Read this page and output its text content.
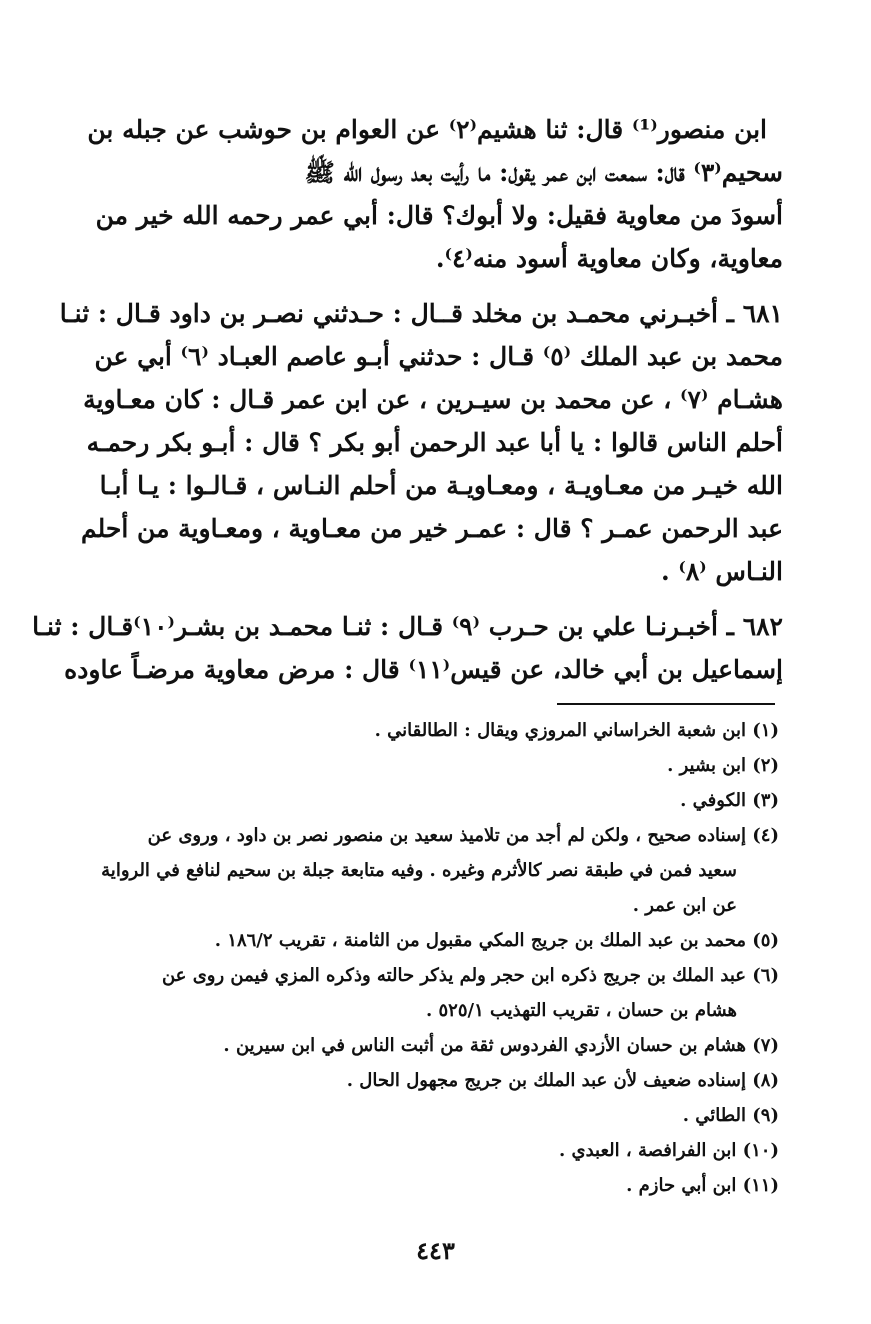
ابن منصور⁽¹⁾ قال: ثنا هشيم⁽٢⁾ عن العوام بن حوشب عن جبله بن
سحيم⁽٣⁾ قال: سمعت ابن عمر يقول: ما رأيت بعد رسول الله ﷺ
أسودَ من معاوية فقيل: ولا أبوك؟ قال: أبي عمر رحمه الله خير من
معاوية، وكان معاوية أسود منه⁽٤⁾.
٦٨١ ـ أخبـرني محمـد بن مخلد قــال : حـدثني نصـر بن داود قـال : ثنـا
محمد بن عبد الملك ⁽٥⁾ قـال : حدثني أبـو عاصم العبـاد ⁽٦⁾ أبي عن
هشـام ⁽٧⁾ ، عن محمد بن سيـرين ، عن ابن عمر قـال : كان معـاوية
أحلم الناس قالوا : يا أبا عبد الرحمن أبو بكر ؟ قال : أبـو بكر رحمـه
الله خيـر من معـاويـة ، ومعـاويـة من أحلم النـاس ، قـالـوا : يـا أبـا
عبد الرحمن عمـر ؟ قال : عمـر خير من معـاوية ، ومعـاوية من أحلم
النـاس ⁽٨⁾ .
٦٨٢ ـ أخبـرنـا علي بن حـرب ⁽٩⁾ قـال : ثنـا محمـد بن بشـر⁽١٠⁾قـال : ثنـا
إسماعيل بن أبي خالد، عن قيس⁽١١⁾ قال : مرض معاوية مرضـاً عاوده
(١) ابن شعبة الخراساني المروزي ويقال : الطالقاني .
(٢) ابن بشير .
(٣) الكوفي .
(٤) إسناده صحيح ، ولكن لم أجد من تلاميذ سعيد بن منصور نصر بن داود ، وروى عن
سعيد فمن في طبقة نصر كالأثرم وغيره . وفيه متابعة جبلة بن سحيم لنافع في الرواية
عن ابن عمر .
(٥) محمد بن عبد الملك بن جريج المكي مقبول من الثامنة ، تقريب ١٨٦/٢ .
(٦) عبد الملك بن جريج ذكره ابن حجر ولم يذكر حالته وذكره المزي فيمن روى عن
هشام بن حسان ، تقريب التهذيب ٥٢٥/١ .
(٧) هشام بن حسان الأزدي الفردوس ثقة من أثبت الناس في ابن سيرين .
(٨) إسناده ضعيف لأن عبد الملك بن جريج مجهول الحال .
(٩) الطائي .
(١٠) ابن الفرافصة ، العبدي .
(١١) ابن أبي حازم .
٤٤٣
